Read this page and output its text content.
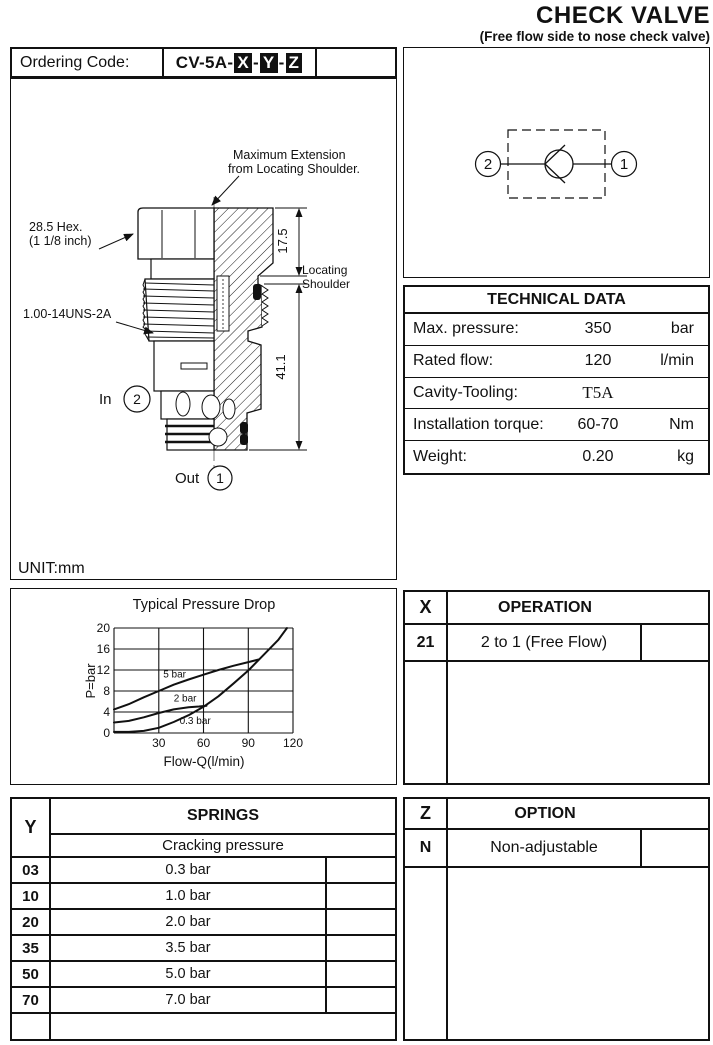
CHECK VALVE
(Free flow side to nose check valve)
Ordering Code:	CV-5A - X - Y - Z
17.5
41.1
Maximum Extension
from Locating Shoulder.
28.5 Hex.
(1 1/8 inch)
1.00-14UNS-2A
Locating
Shoulder
In 2
Out 1
UNIT:mm
2	1
TECHNICAL DATA
Max. pressure:	350	bar
Rated flow:	120	l/min
Cavity-Tooling:	T5A
Installation torque:	60-70	Nm
Weight:	0.20	kg
Typical Pressure Drop
0
4
8
12
16
20
30	60	90 120
P=bar
Flow-Q(l/min)
5 bar
2 bar
0.3 bar
X	OPERATION
21	2 to 1 (Free Flow)
Y
SPRINGS
Cracking pressure
03	0.3 bar
10	1.0 bar
20	2.0 bar
35	3.5 bar
50	5.0 bar
70	7.0 bar
Z	OPTION
N	Non-adjustable
